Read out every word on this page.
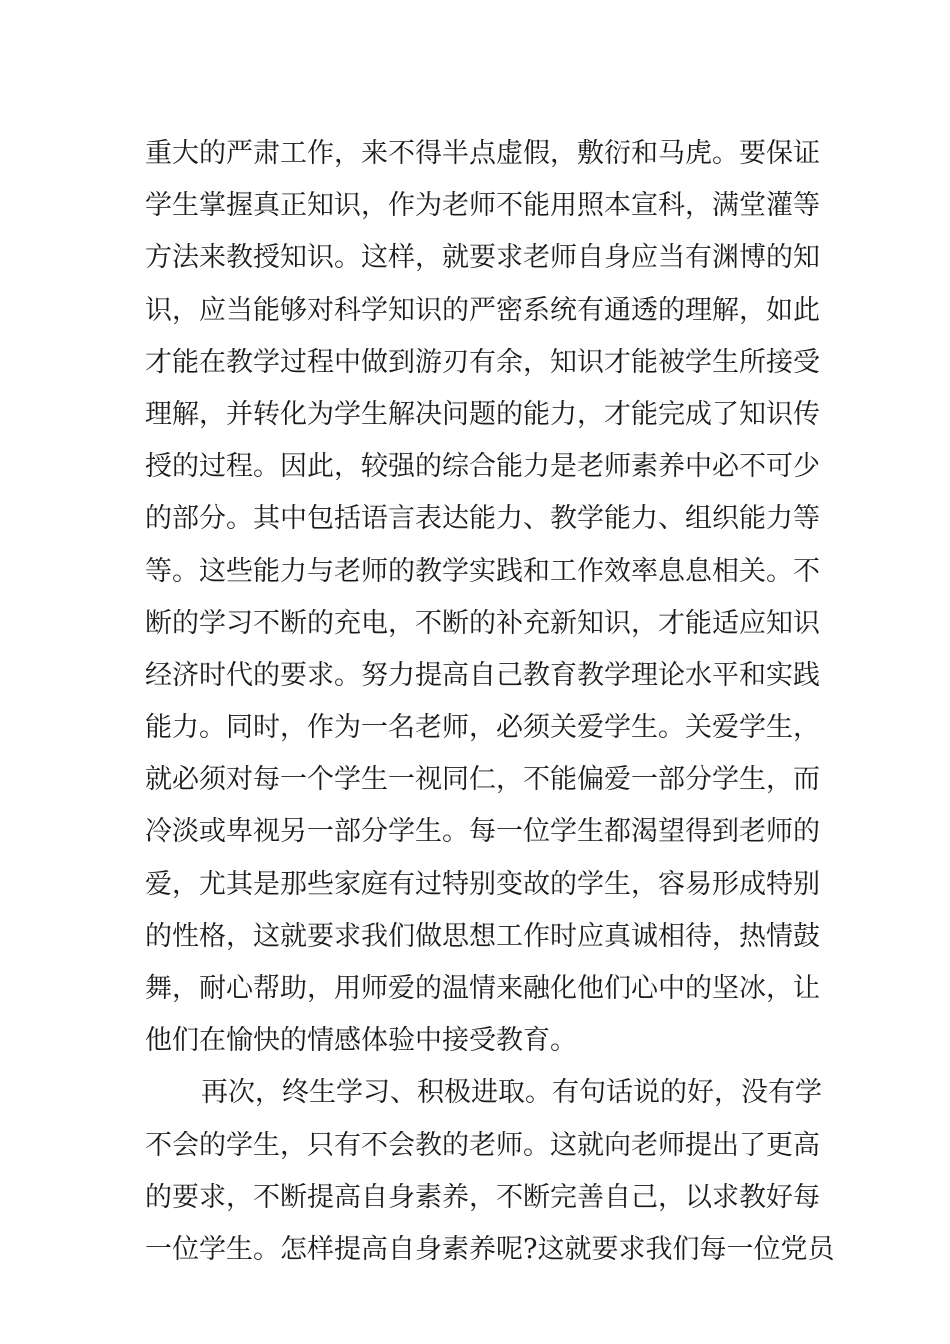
重大的严肃工作，来不得半点虚假，敷衍和马虎。要保证
学生掌握真正知识，作为老师不能用照本宣科，满堂灌等
方法来教授知识。这样，就要求老师自身应当有渊博的知
识，应当能够对科学知识的严密系统有通透的理解，如此
才能在教学过程中做到游刃有余，知识才能被学生所接受
理解，并转化为学生解决问题的能力，才能完成了知识传
授的过程。因此，较强的综合能力是老师素养中必不可少
的部分。其中包括语言表达能力、教学能力、组织能力等
等。这些能力与老师的教学实践和工作效率息息相关。不
断的学习不断的充电，不断的补充新知识，才能适应知识
经济时代的要求。努力提高自己教育教学理论水平和实践
能力。同时，作为一名老师，必须关爱学生。关爱学生，
就必须对每一个学生一视同仁，不能偏爱一部分学生，而
冷淡或卑视另一部分学生。每一位学生都渴望得到老师的
爱，尤其是那些家庭有过特别变故的学生，容易形成特别
的性格，这就要求我们做思想工作时应真诚相待，热情鼓
舞，耐心帮助，用师爱的温情来融化他们心中的坚冰，让
他们在愉快的情感体验中接受教育。
再次，终生学习、积极进取。有句话说的好，没有学
不会的学生，只有不会教的老师。这就向老师提出了更高
的要求，不断提高自身素养，不断完善自己，以求教好每
一位学生。怎样提高自身素养呢?这就要求我们每一位党员
